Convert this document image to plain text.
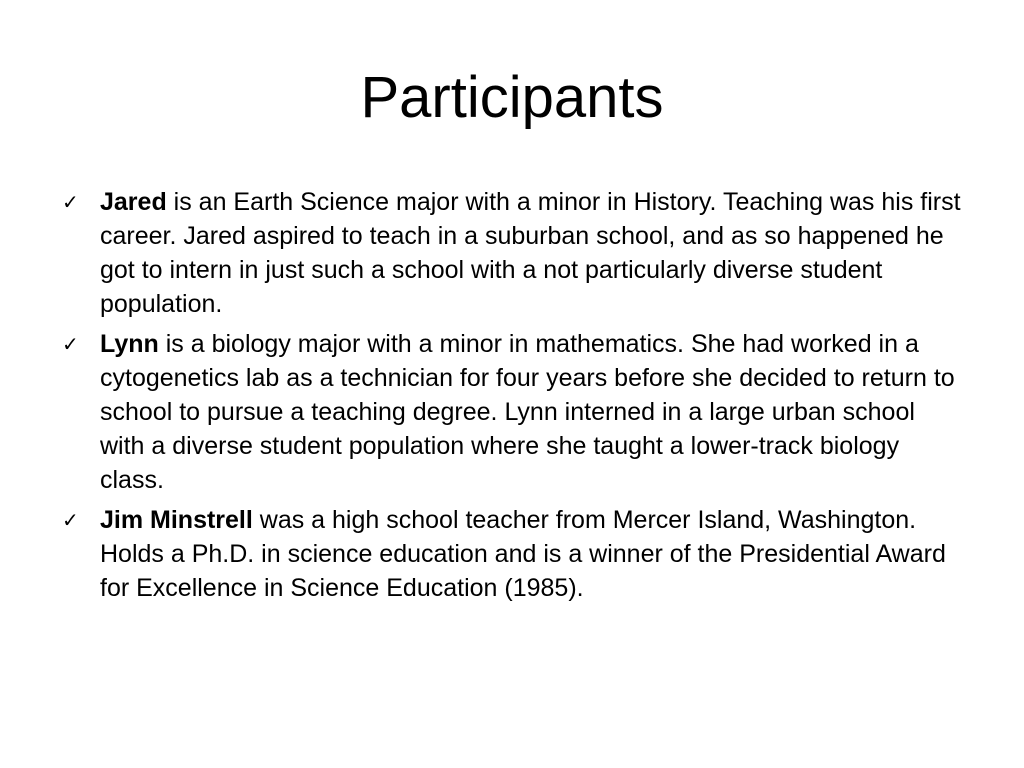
Participants
✓ Jared is an Earth Science major with a minor in History. Teaching was his first career. Jared aspired to teach in a suburban school, and as so happened he got to intern in just such a school with a not particularly diverse student population.
✓ Lynn is a biology major with a minor in mathematics. She had worked in a cytogenetics lab as a technician for four years before she decided to return to school to pursue a teaching degree. Lynn interned in a large urban school with a diverse student population where she taught a lower-track biology class.
✓ Jim Minstrell was a high school teacher from Mercer Island, Washington. Holds a Ph.D. in science education and is a winner of the Presidential Award for Excellence in Science Education (1985).
